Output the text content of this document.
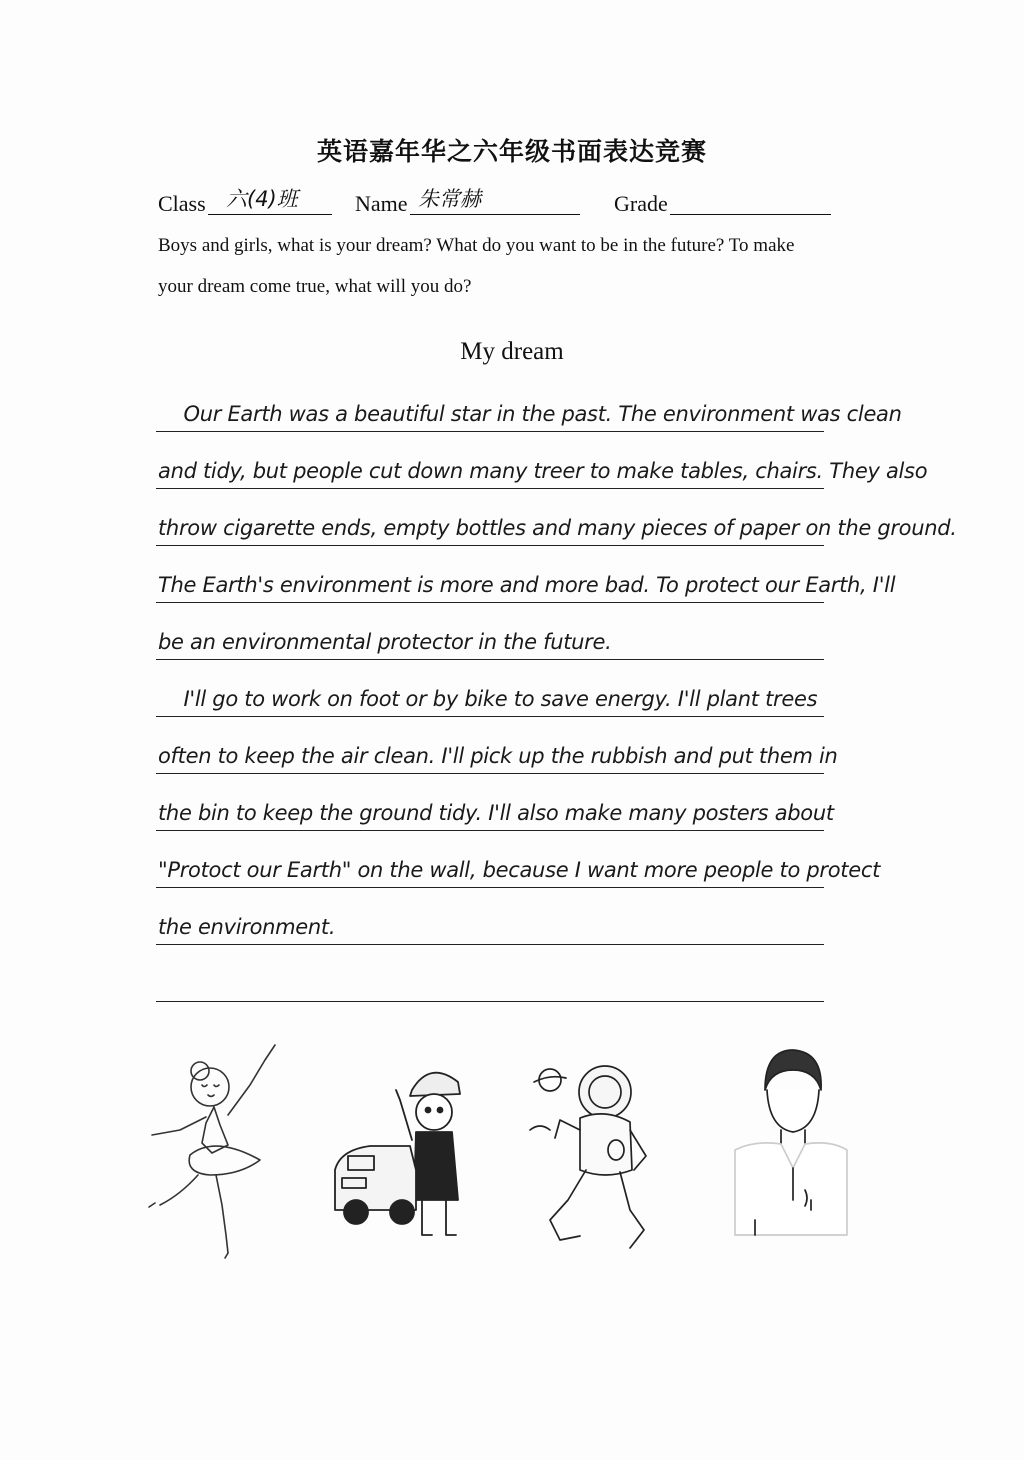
英语嘉年华之六年级书面表达竞赛
Class 六(4)班	Name 朱常赫	Grade
Boys and girls, what is your dream? What do you want to be in the future? To make
your dream come true, what will you do?
My dream
Our Earth was a beautiful star in the past. The environment was clean
and tidy, but people cut down many treer to make tables, chairs. They also
throw cigarette ends, empty bottles and many pieces of paper on the ground.
The Earth's environment is more and more bad. To protect our Earth, I'll
be an environmental protector in the future.
I'll go to work on foot or by bike to save energy. I'll plant trees
often to keep the air clean. I'll pick up the rubbish and put them in
the bin to keep the ground tidy. I'll also make many posters about
"Protoct our Earth" on the wall, because I want more people to protect
the environment.
